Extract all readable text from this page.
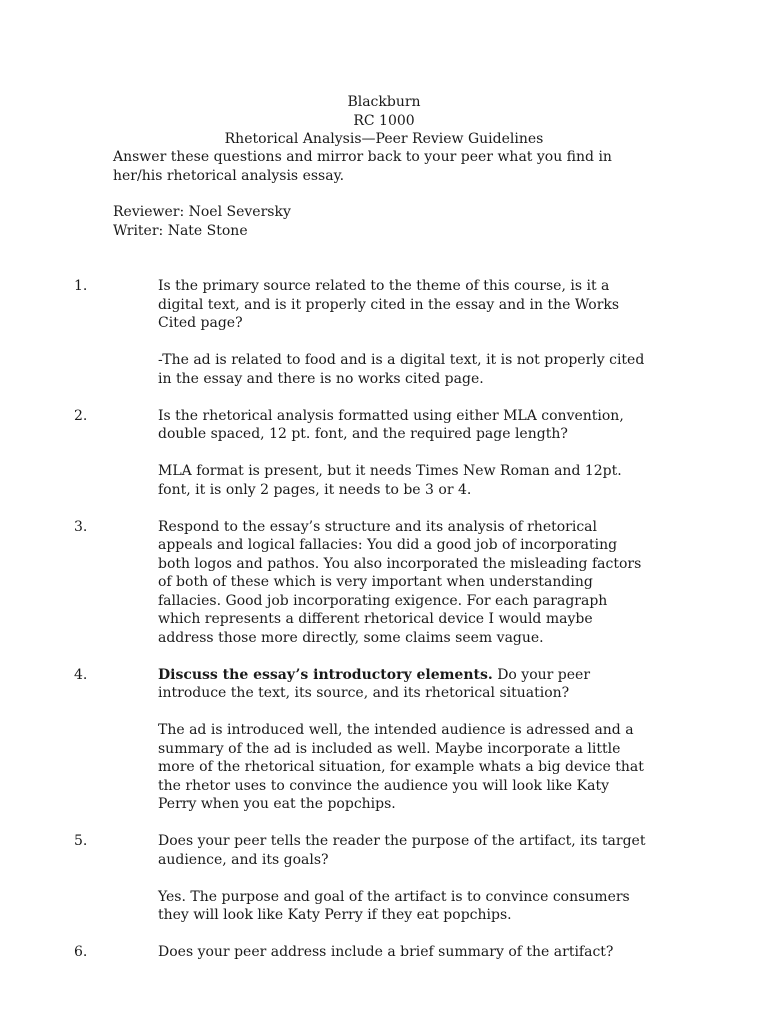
Blackburn
RC 1000
Rhetorical Analysis—Peer Review Guidelines
Answer these questions and mirror back to your peer what you find in her/his rhetorical analysis essay.
Reviewer: Noel Seversky
Writer: Nate Stone
1.	Is the primary source related to the theme of this course, is it a digital text, and is it properly cited in the essay and in the Works Cited page?
-The ad is related to food and is a digital text, it is not properly cited in the essay and there is no works cited page.
2.	Is the rhetorical analysis formatted using either MLA convention, double spaced, 12 pt. font, and the required page length?
MLA format is present, but it needs Times New Roman and 12pt. font, it is only 2 pages, it needs to be 3 or 4.
3.	Respond to the essay’s structure and its analysis of rhetorical appeals and logical fallacies: You did a good job of incorporating both logos and pathos. You also incorporated the misleading factors of both of these which is very important when understanding fallacies. Good job incorporating exigence. For each paragraph which represents a different rhetorical device I would maybe address those more directly, some claims seem vague.
4.	Discuss the essay’s introductory elements. Do your peer introduce the text, its source, and its rhetorical situation?
The ad is introduced well, the intended audience is adressed and a summary of the ad is included as well. Maybe incorporate a little more of the rhetorical situation, for example whats a big device that the rhetor uses to convince the audience you will look like Katy Perry when you eat the popchips.
5.	Does your peer tells the reader the purpose of the artifact, its target audience, and its goals?
Yes. The purpose and goal of the artifact is to convince consumers they will look like Katy Perry if they eat popchips.
6.	Does your peer address include a brief summary of the artifact?
